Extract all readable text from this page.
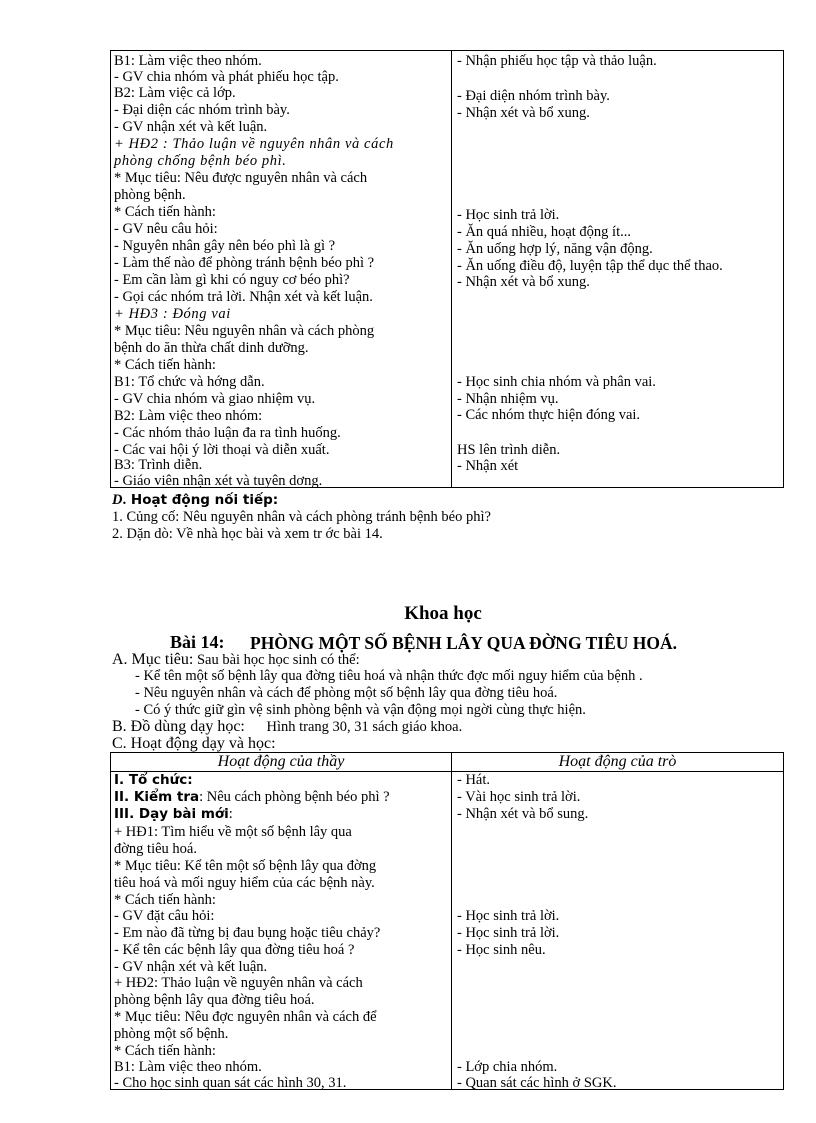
B1: Làm việc theo nhóm.
- GV chia nhóm và phát phiếu học tập.
B2: Làm việc cả lớp.
- Đại diện các nhóm trình bày.
- GV nhận xét và kết luận.
+ HĐ2 : Thảo luận về nguyên nhân và cách
phòng chống bệnh béo phì.
* Mục tiêu: Nêu được nguyên nhân và cách
phòng bệnh.
* Cách tiến hành:
- GV nêu câu hỏi:
- Nguyên nhân gây nên béo phì là gì ?
- Làm thế nào để phòng tránh bệnh béo phì ?
- Em cần làm gì khi có nguy cơ béo phì?
- Gọi các nhóm trả lời. Nhận xét và kết luận.
+ HĐ3 : Đóng vai
* Mục tiêu: Nêu nguyên nhân và cách phòng
bệnh do ăn thừa chất dinh dưỡng.
* Cách tiến hành:
B1: Tổ chức và hớng dẫn.
- GV chia nhóm và giao nhiệm vụ.
B2: Làm việc theo nhóm:
- Các nhóm thảo luận đa ra tình huống.
- Các vai hội ý lời thoại và diễn xuất.
B3: Trình diễn.
- Giáo viên nhận xét và tuyên dơng.
- Nhận phiếu học tập và thảo luận.
- Đại diện nhóm trình bày.
- Nhận xét và bổ xung.
- Học sinh trả lời.
- Ăn quá nhiều, hoạt động ít...
- Ăn uống hợp lý, năng vận động.
- Ăn uống điều độ, luyện tập thể dục thể thao.
- Nhận xét và bổ xung.
- Học sinh chia nhóm và phân vai.
- Nhận nhiệm vụ.
- Các nhóm thực hiện đóng vai.
HS lên trình diễn.
- Nhận xét
D. Hoạt động nối tiếp:
1. Củng cố: Nêu nguyên nhân và cách phòng tránh bệnh béo phì?
2. Dặn dò: Về nhà học bài và xem tr ớc bài 14.
Khoa học
Bài 14: PHÒNG MỘT SỐ BỆNH LÂY QUA ĐỜNG TIÊU HOÁ.
A. Mục tiêu: Sau bài học học sinh có thể:
- Kể tên một số bệnh lây qua đờng tiêu hoá và nhận thức đợc mối nguy hiểm của bệnh .
- Nêu nguyên nhân và cách để phòng một số bệnh lây qua đờng tiêu hoá.
- Có ý thức giữ gìn vệ sinh phòng bệnh và vận động mọi ngời cùng thực hiện.
B. Đồ dùng dạy học: Hình trang 30, 31 sách giáo khoa.
C. Hoạt động dạy và học:
Hoạt động của thầy
I. Tổ chức:
II. Kiểm tra: Nêu cách phòng bệnh béo phì ?
III. Dạy bài mới:
+ HĐ1: Tìm hiểu về một số bệnh lây qua
đờng tiêu hoá.
* Mục tiêu: Kể tên một số bệnh lây qua đờng
tiêu hoá và mối nguy hiểm của các bệnh này.
* Cách tiến hành:
- GV đặt câu hỏi:
- Em nào đã từng bị đau bụng hoặc tiêu chảy?
- Kể tên các bệnh lây qua đờng tiêu hoá ?
- GV nhận xét và kết luận.
+ HĐ2: Thảo luận về nguyên nhân và cách
phòng bệnh lây qua đờng tiêu hoá.
* Mục tiêu: Nêu đợc nguyên nhân và cách để
phòng một số bệnh.
* Cách tiến hành:
B1: Làm việc theo nhóm.
- Cho học sinh quan sát các hình 30, 31.
Hoạt động của trò
- Hát.
- Vài học sinh trả lời.
- Nhận xét và bổ sung.
- Học sinh trả lời.
- Học sinh trả lời.
- Học sinh nêu.
- Lớp chia nhóm.
- Quan sát các hình ở SGK.
